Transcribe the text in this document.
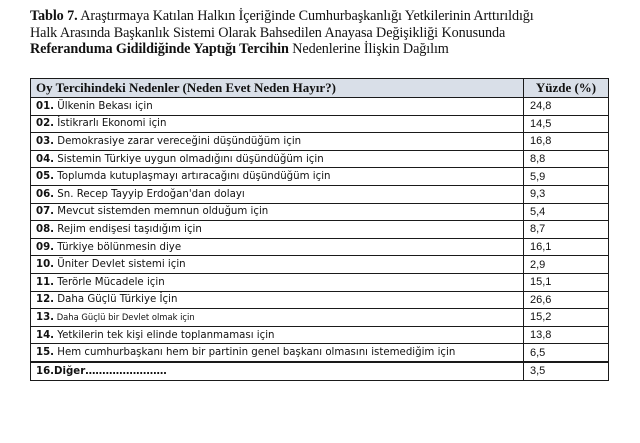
Tablo 7. Araştırmaya Katılan Halkın İçeriğinde Cumhurbaşkanlığı Yetkilerinin Arttırıldığı
Halk Arasında Başkanlık Sistemi Olarak Bahsedilen Anayasa Değişikliği Konusunda
Referanduma Gidildiğinde Yaptığı Tercihin Nedenlerine İlişkin Dağılım
Oy Tercihindeki Nedenler (Neden Evet Neden Hayır?)	Yüzde (%)
01. Ülkenin Bekası için	24,8
02. İstikrarlı Ekonomi için	14,5
03. Demokrasiye zarar vereceğini düşündüğüm için	16,8
04. Sistemin Türkiye uygun olmadığını düşündüğüm için	8,8
05. Toplumda kutuplaşmayı artıracağını düşündüğüm için	5,9
06. Sn. Recep Tayyip Erdoğan'dan dolayı	9,3
07. Mevcut sistemden memnun olduğum için	5,4
08. Rejim endişesi taşıdığım için	8,7
09. Türkiye bölünmesin diye	16,1
10. Üniter Devlet sistemi için	2,9
11. Terörle Mücadele için	15,1
12. Daha Güçlü Türkiye İçin	26,6
13. Daha Güçlü bir Devlet olmak için	15,2
14. Yetkilerin tek kişi elinde toplanmaması için	13,8
15. Hem cumhurbaşkanı hem bir partinin genel başkanı olmasını istemediğim için	6,5
16.Diğer……………………	3,5
